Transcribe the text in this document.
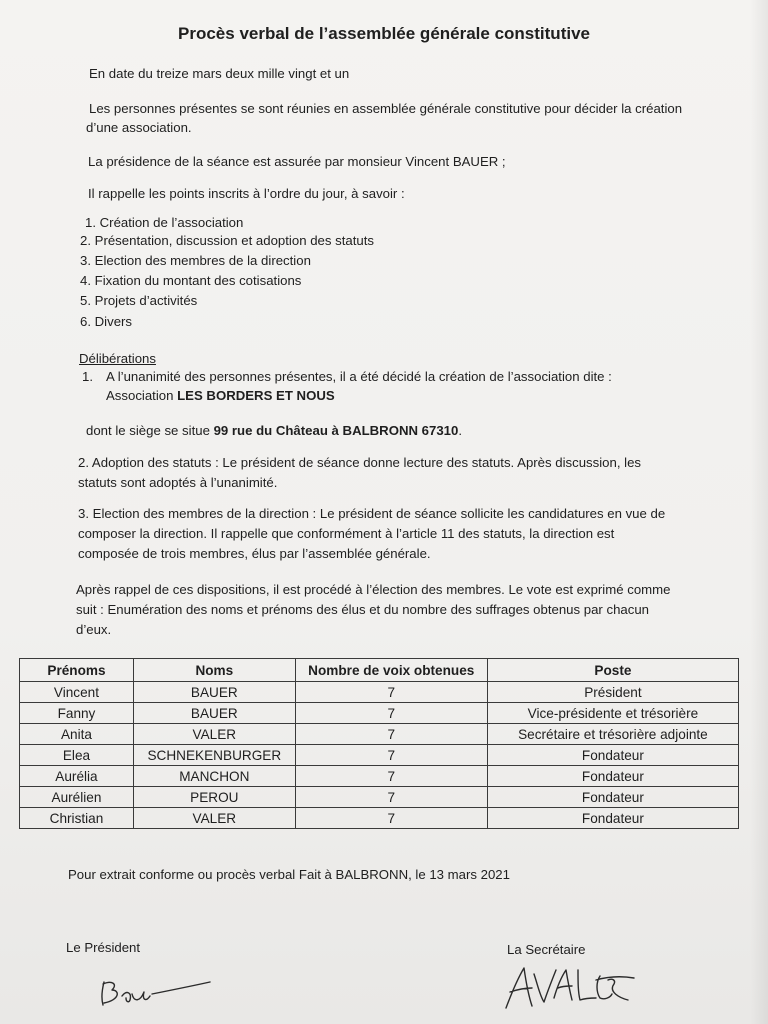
Procès verbal de l’assemblée générale constitutive
En date du treize mars deux mille vingt et un
Les personnes présentes se sont réunies en assemblée générale constitutive pour décider la création
d’une association.
La présidence de la séance est assurée par monsieur Vincent BAUER ;
Il rappelle les points inscrits à l’ordre du jour, à savoir :
1. Création de l’association
2. Présentation, discussion et adoption des statuts
3. Election des membres de la direction
4. Fixation du montant des cotisations
5. Projets d’activités
6. Divers
Délibérations
1. A l’unanimité des personnes présentes, il a été décidé la création de l’association dite :
Association LES BORDERS ET NOUS
dont le siège se situe 99 rue du Château à BALBRONN 67310.
2. Adoption des statuts : Le président de séance donne lecture des statuts. Après discussion, les
statuts sont adoptés à l’unanimité.
3. Election des membres de la direction : Le président de séance sollicite les candidatures en vue de
composer la direction. Il rappelle que conformément à l’article 11 des statuts, la direction est
composée de trois membres, élus par l’assemblée générale.
Après rappel de ces dispositions, il est procédé à l’élection des membres. Le vote est exprimé comme
suit : Enumération des noms et prénoms des élus et du nombre des suffrages obtenus par chacun
d’eux.
Prénoms	Noms	Nombre de voix obtenues	Poste
Vincent	BAUER	7	Président
Fanny	BAUER	7	Vice-présidente et trésorière
Anita	VALER	7	Secrétaire et trésorière adjointe
Elea	SCHNEKENBURGER	7	Fondateur
Aurélia	MANCHON	7	Fondateur
Aurélien	PEROU	7	Fondateur
Christian	VALER	7	Fondateur
Pour extrait conforme ou procès verbal Fait à BALBRONN, le 13 mars 2021
Le Président	La Secrétaire
